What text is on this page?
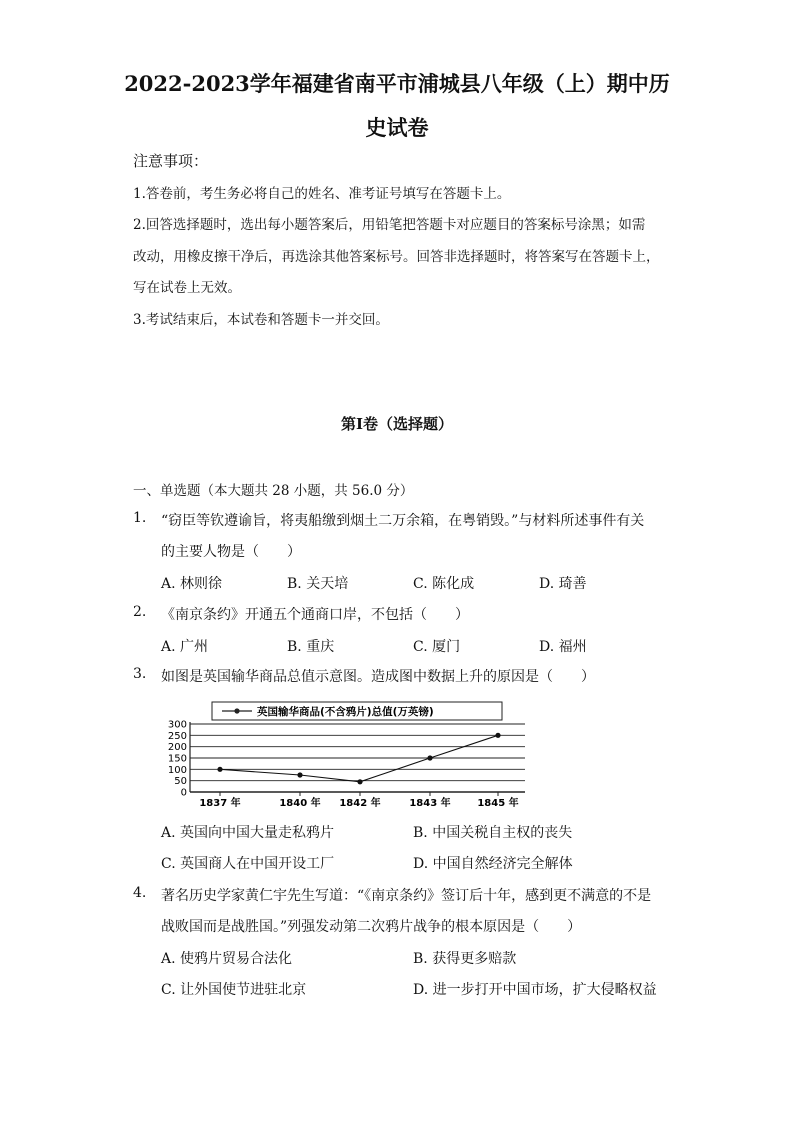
2022-2023学年福建省南平市浦城县八年级（上）期中历
史试卷
注意事项：
1.答卷前，考生务必将自己的姓名、准考证号填写在答题卡上。
2.回答选择题时，选出每小题答案后，用铅笔把答题卡对应题目的答案标号涂黑；如需
改动，用橡皮擦干净后，再选涂其他答案标号。回答非选择题时，将答案写在答题卡上，
写在试卷上无效。
3.考试结束后，本试卷和答题卡一并交回。
第I卷（选择题）
一、单选题（本大题共 28 小题，共 56.0 分）
1. “窃臣等钦遵谕旨，将夷船缴到烟土二万余箱，在粤销毁。”与材料所述事件有关
的主要人物是（　　）
A. 林则徐	B. 关天培	C. 陈化成	D. 琦善
2. 《南京条约》开通五个通商口岸，不包括（　　）
A. 广州	B. 重庆	C. 厦门	D. 福州
3. 如图是英国输华商品总值示意图。造成图中数据上升的原因是（　　）
300
250
200
150
100
50
0
1837 年	1840 年 1842 年	1843 年	1845 年
英国输华商品(不含鸦片)总值(万英镑)
A. 英国向中国大量走私鸦片	B. 中国关税自主权的丧失
C. 英国商人在中国开设工厂	D. 中国自然经济完全解体
4. 著名历史学家黄仁宇先生写道：“《南京条约》签订后十年，感到更不满意的不是
战败国而是战胜国。”列强发动第二次鸦片战争的根本原因是（　　）
A. 使鸦片贸易合法化	B. 获得更多赔款
C. 让外国使节进驻北京	D. 进一步打开中国市场，扩大侵略权益
